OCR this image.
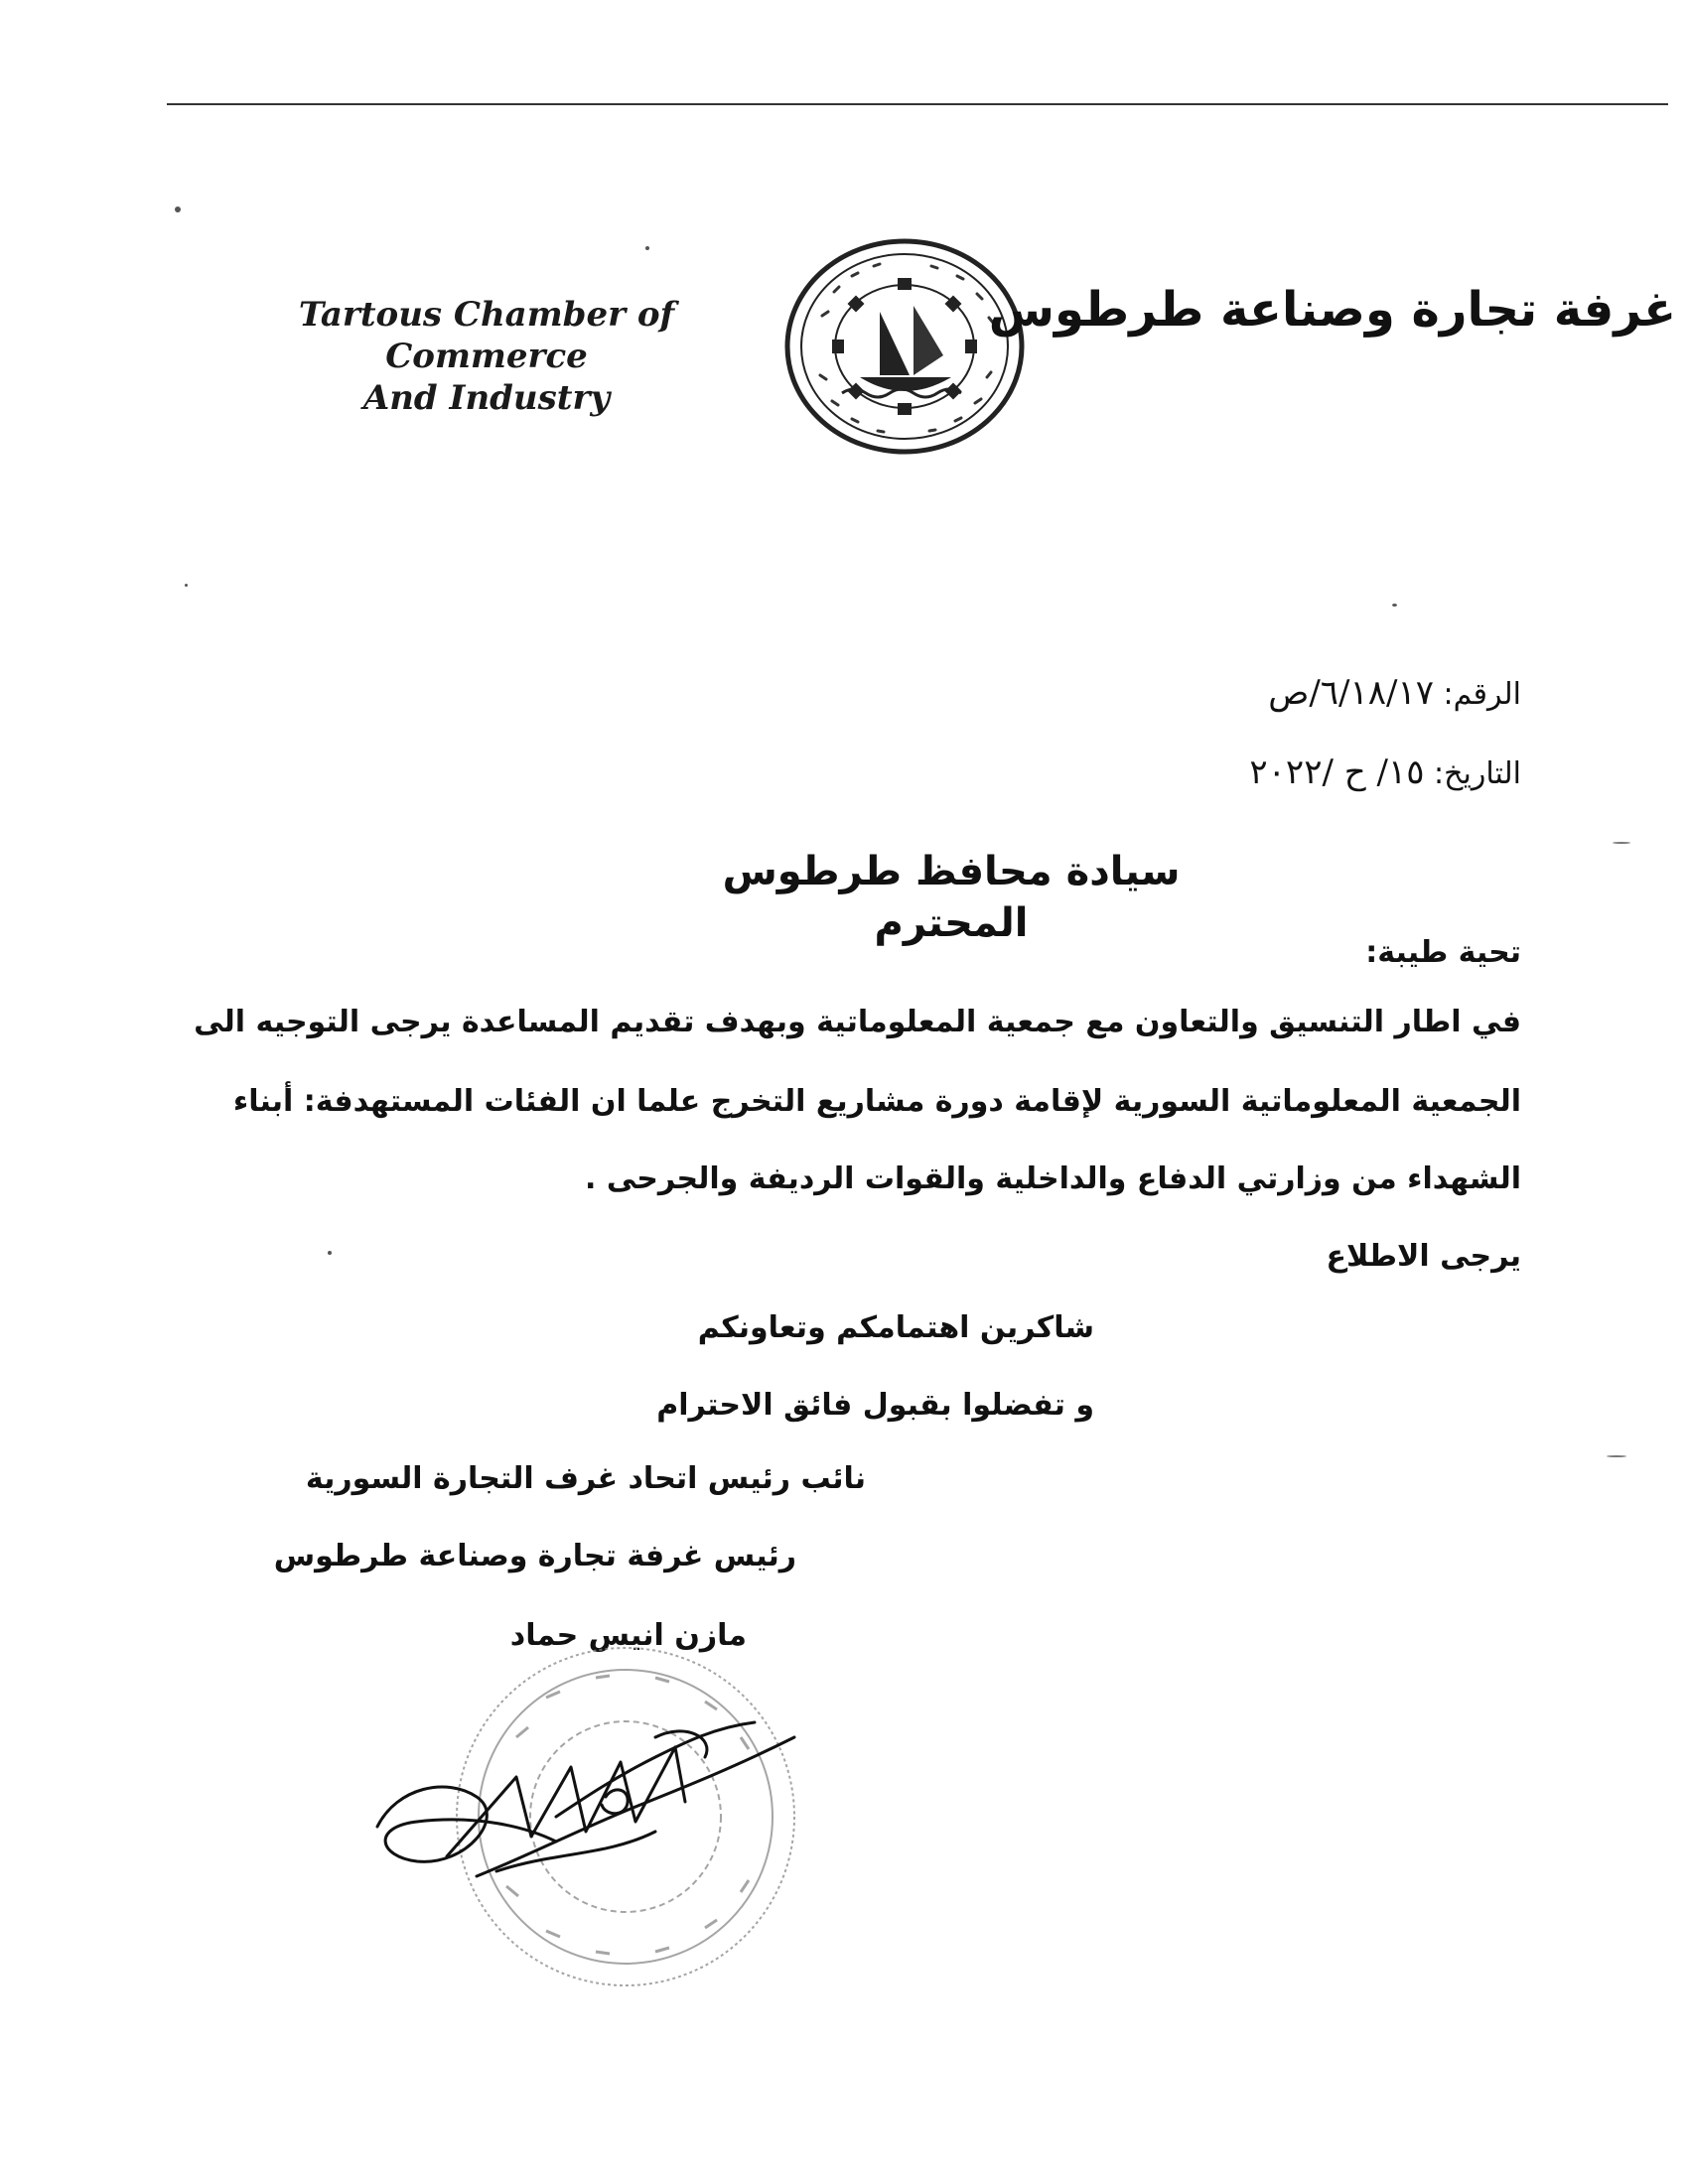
Tartous Chamber of Commerce
And Industry
غرفة تجارة وصناعة طرطوس
الرقم: ٦/١٨/١٧/ص
التاريخ: ١٥/ ح /٢٠٢٢
سيادة محافظ طرطوس المحترم
تحية طيبة:
في اطار التنسيق والتعاون مع جمعية المعلوماتية وبهدف تقديم المساعدة يرجى التوجيه الى
الجمعية المعلوماتية السورية لإقامة دورة مشاريع التخرج علما ان الفئات المستهدفة: أبناء
الشهداء من وزارتي الدفاع والداخلية والقوات الرديفة والجرحى .
يرجى الاطلاع
شاكرين اهتمامكم وتعاونكم
و تفضلوا بقبول فائق الاحترام
نائب رئيس اتحاد غرف التجارة السورية
رئيس غرفة تجارة وصناعة طرطوس
مازن انيس حماد
